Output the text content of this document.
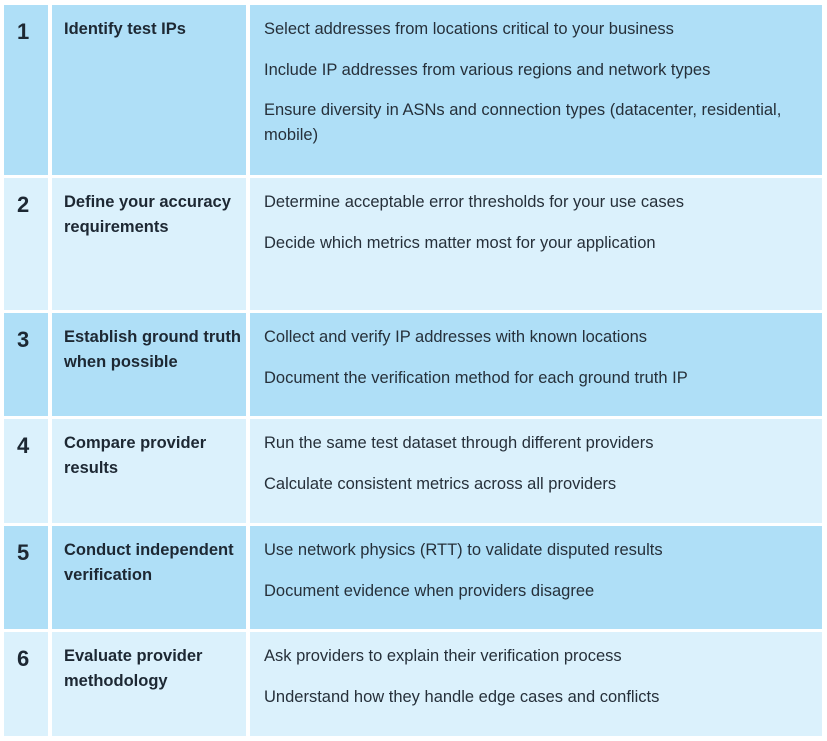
1 Identify test IPs	Select addresses from locations critical to your business
Include IP addresses from various regions and network types
Ensure diversity in ASNs and connection types (datacenter, residential, mobile)
2 Define your accuracy requirements
Determine acceptable error thresholds for your use cases
Decide which metrics matter most for your application
3 Establish ground truth when possible
Collect and verify IP addresses with known locations
Document the verification method for each ground truth IP
4 Compare provider results
Run the same test dataset through different providers
Calculate consistent metrics across all providers
5 Conduct independent verification
Use network physics (RTT) to validate disputed results
Document evidence when providers disagree
6 Evaluate provider methodology
Ask providers to explain their verification process
Understand how they handle edge cases and conflicts
